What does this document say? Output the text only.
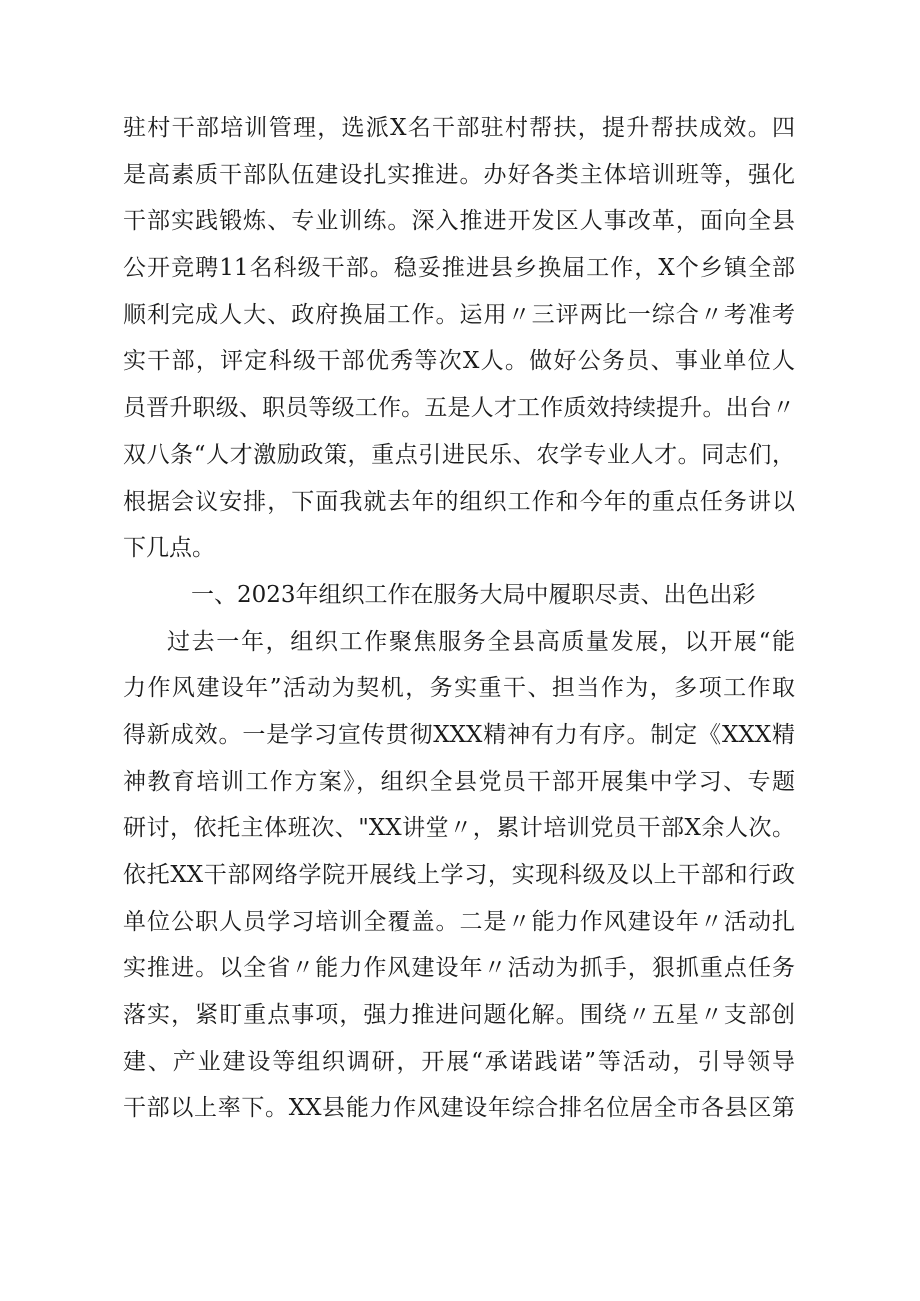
驻村干部培训管理，选派X名干部驻村帮扶，提升帮扶成效。四
是高素质干部队伍建设扎实推进。办好各类主体培训班等，强化
干部实践锻炼、专业训练。深入推进开发区人事改革，面向全县
公开竞聘11名科级干部。稳妥推进县乡换届工作，X个乡镇全部
顺利完成人大、政府换届工作。运用〃三评两比一综合〃考准考
实干部，评定科级干部优秀等次X人。做好公务员、事业单位人
员晋升职级、职员等级工作。五是人才工作质效持续提升。出台〃
双八条“人才激励政策，重点引进民乐、农学专业人才。同志们，
根据会议安排，下面我就去年的组织工作和今年的重点任务讲以
下几点。
一、2023年组织工作在服务大局中履职尽责、出色出彩
过去一年，组织工作聚焦服务全县高质量发展，以开展“能
力作风建设年”活动为契机，务实重干、担当作为，多项工作取
得新成效。一是学习宣传贯彻XXX精神有力有序。制定《XXX精
神教育培训工作方案》，组织全县党员干部开展集中学习、专题
研讨，依托主体班次、"XX讲堂〃，累计培训党员干部X余人次。
依托XX干部网络学院开展线上学习，实现科级及以上干部和行政
单位公职人员学习培训全覆盖。二是〃能力作风建设年〃活动扎
实推进。以全省〃能力作风建设年〃活动为抓手，狠抓重点任务
落实，紧盯重点事项，强力推进问题化解。围绕〃五星〃支部创
建、产业建设等组织调研，开展“承诺践诺”等活动，引导领导
干部以上率下。XX县能力作风建设年综合排名位居全市各县区第
